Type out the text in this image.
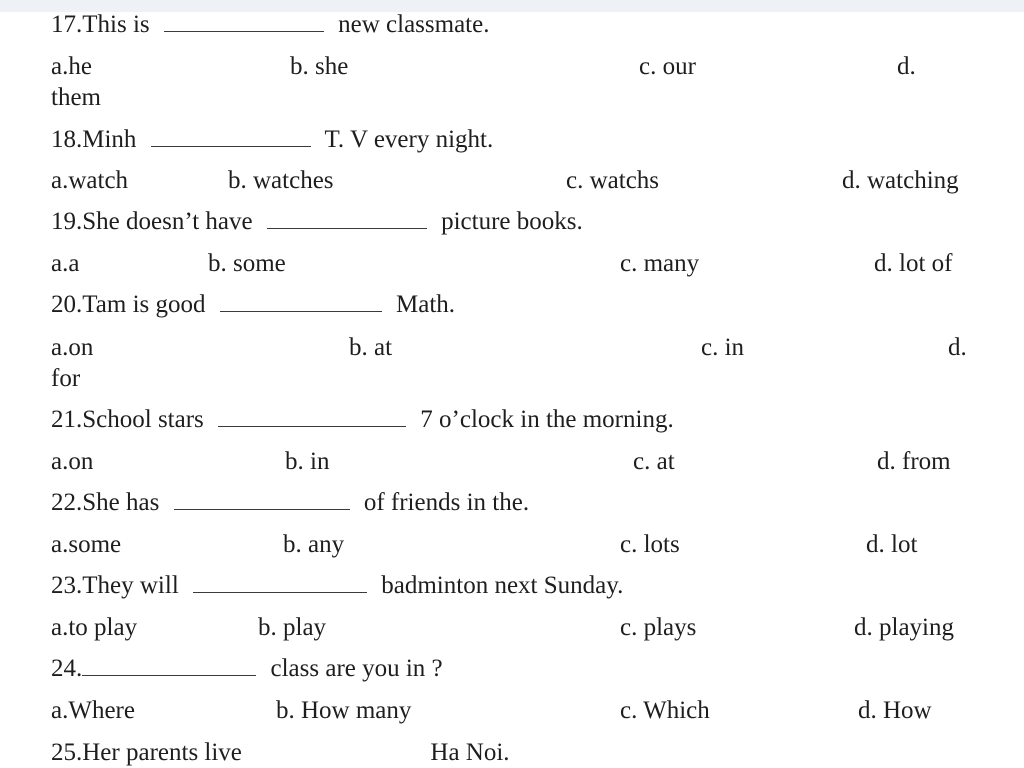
17.This is	new classmate.
a.he	b. she	c. our	d.
them
18.Minh	T. V every night.
a.watch	b. watches	c. watchs	d. watching
19.She doesn’t have	picture books.
a.a	b. some	c. many	d. lot of
20.Tam is good	Math.
a.on	b. at	c. in	d.
for
21.School stars	7 o’clock in the morning.
a.on	b. in	c. at	d. from
22.She has	of friends in the.
a.some	b. any	c. lots	d. lot
23.They will	badminton next Sunday.
a.to play	b. play	c. plays	d. playing
24.	class are you in ?
a.Where	b. How many	c. Which	d. How
25.Her parents live	Ha Noi.
